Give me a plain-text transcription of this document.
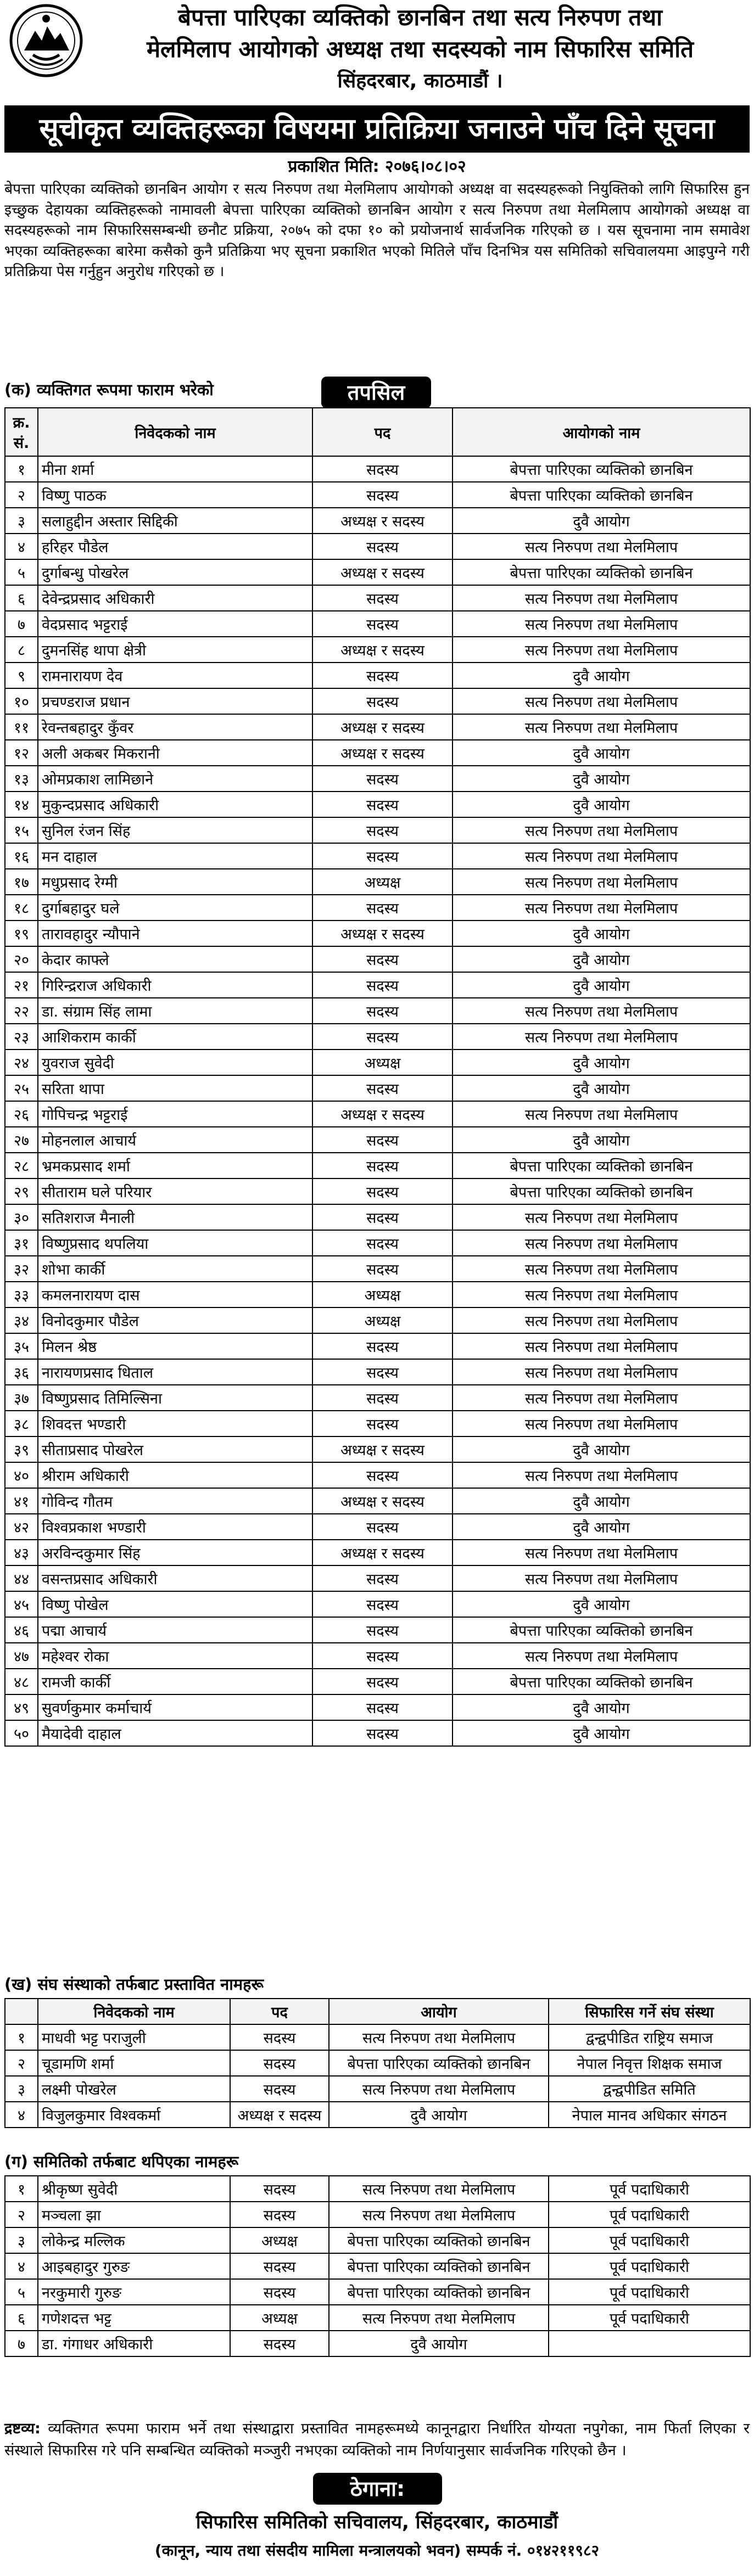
बेपत्ता पारिएका व्यक्तिको छानबिन तथा सत्य निरुपण तथा
मेलमिलाप आयोगको अध्यक्ष तथा सदस्यको नाम सिफारिस समिति
सिंहदरबार, काठमाडौं ।
सूचीकृत व्यक्तिहरूका विषयमा प्रतिक्रिया जनाउने पाँच दिने सूचना
प्रकाशित मिति: २०७६।०८।०२
बेपत्ता पारिएका व्यक्तिको छानबिन आयोग र सत्य निरुपण तथा मेलमिलाप आयोगको अध्यक्ष वा सदस्यहरूको नियुक्तिको लागि सिफारिस हुन इच्छुक देहायका व्यक्तिहरूको नामावली बेपत्ता पारिएका व्यक्तिको छानबिन आयोग र सत्य निरुपण तथा मेलमिलाप आयोगको अध्यक्ष वा सदस्यहरूको नाम सिफारिससम्बन्धी छनौट प्रक्रिया, २०७५ को दफा १० को प्रयोजनार्थ सार्वजनिक गरिएको छ । यस सूचनामा नाम समावेश भएका व्यक्तिहरूका बारेमा कसैको कुनै प्रतिक्रिया भए सूचना प्रकाशित भएको मितिले पाँच दिनभित्र यस समितिको सचिवालयमा आइपुग्ने गरी प्रतिक्रिया पेस गर्नुहुन अनुरोध गरिएको छ ।
(क) व्यक्तिगत रूपमा फाराम भरेको	तपसिल
क्र. सं.	निवेदकको नाम	पद	आयोगको नाम
१	मीना शर्मा	सदस्य	बेपत्ता पारिएका व्यक्तिको छानबिन
२	विष्णु पाठक	सदस्य	बेपत्ता पारिएका व्यक्तिको छानबिन
३	सलाहुद्दीन अस्तार सिद्दिकी	अध्यक्ष र सदस्य	दुवै आयोग
४	हरिहर पौडेल	सदस्य	सत्य निरुपण तथा मेलमिलाप
५	दुर्गाबन्धु पोखरेल	अध्यक्ष र सदस्य	बेपत्ता पारिएका व्यक्तिको छानबिन
६	देवेन्द्रप्रसाद अधिकारी	सदस्य	सत्य निरुपण तथा मेलमिलाप
७	वेदप्रसाद भट्टराई	सदस्य	सत्य निरुपण तथा मेलमिलाप
८	दुमनसिंह थापा क्षेत्री	अध्यक्ष र सदस्य	सत्य निरुपण तथा मेलमिलाप
९	रामनारायण देव	सदस्य	दुवै आयोग
१०	प्रचण्डराज प्रधान	सदस्य	सत्य निरुपण तथा मेलमिलाप
११	रेवन्तबहादुर कुँवर	अध्यक्ष र सदस्य	सत्य निरुपण तथा मेलमिलाप
१२	अली अकबर मिकरानी	अध्यक्ष र सदस्य	दुवै आयोग
१३	ओमप्रकाश लामिछाने	सदस्य	दुवै आयोग
१४	मुकुन्दप्रसाद अधिकारी	सदस्य	दुवै आयोग
१५	सुनिल रंजन सिंह	सदस्य	सत्य निरुपण तथा मेलमिलाप
१६	मन दाहाल	सदस्य	सत्य निरुपण तथा मेलमिलाप
१७	मधुप्रसाद रेग्मी	अध्यक्ष	सत्य निरुपण तथा मेलमिलाप
१८	दुर्गाबहादुर घले	सदस्य	सत्य निरुपण तथा मेलमिलाप
१९	तारावहादुर न्यौपाने	अध्यक्ष र सदस्य	दुवै आयोग
२०	केदार काफ्ले	सदस्य	दुवै आयोग
२१	गिरिन्द्रराज अधिकारी	सदस्य	दुवै आयोग
२२	डा. संग्राम सिंह लामा	सदस्य	सत्य निरुपण तथा मेलमिलाप
२३	आशिकराम कार्की	सदस्य	सत्य निरुपण तथा मेलमिलाप
२४	युवराज सुवेदी	अध्यक्ष	दुवै आयोग
२५	सरिता थापा	सदस्य	दुवै आयोग
२६	गोपिचन्द्र भट्टराई	अध्यक्ष र सदस्य	सत्य निरुपण तथा मेलमिलाप
२७	मोहनलाल आचार्य	सदस्य	दुवै आयोग
२८	भ्रमकप्रसाद शर्मा	सदस्य	बेपत्ता पारिएका व्यक्तिको छानबिन
२९	सीताराम घले परियार	सदस्य	बेपत्ता पारिएका व्यक्तिको छानबिन
३०	सतिशराज मैनाली	सदस्य	सत्य निरुपण तथा मेलमिलाप
३१	विष्णुप्रसाद थपलिया	सदस्य	सत्य निरुपण तथा मेलमिलाप
३२	शोभा कार्की	सदस्य	सत्य निरुपण तथा मेलमिलाप
३३	कमलनारायण दास	अध्यक्ष	सत्य निरुपण तथा मेलमिलाप
३४	विनोदकुमार पौडेल	अध्यक्ष	सत्य निरुपण तथा मेलमिलाप
३५	मिलन श्रेष्ठ	सदस्य	सत्य निरुपण तथा मेलमिलाप
३६	नारायणप्रसाद धिताल	सदस्य	सत्य निरुपण तथा मेलमिलाप
३७	विष्णुप्रसाद तिमिल्सिना	सदस्य	सत्य निरुपण तथा मेलमिलाप
३८	शिवदत्त भण्डारी	सदस्य	सत्य निरुपण तथा मेलमिलाप
३९	सीताप्रसाद पोखरेल	अध्यक्ष र सदस्य	दुवै आयोग
४०	श्रीराम अधिकारी	सदस्य	सत्य निरुपण तथा मेलमिलाप
४१	गोविन्द गौतम	अध्यक्ष र सदस्य	दुवै आयोग
४२	विश्वप्रकाश भण्डारी	सदस्य	दुवै आयोग
४३	अरविन्दकुमार सिंह	अध्यक्ष र सदस्य	सत्य निरुपण तथा मेलमिलाप
४४	वसन्तप्रसाद अधिकारी	सदस्य	सत्य निरुपण तथा मेलमिलाप
४५	विष्णु पोखेल	सदस्य	दुवै आयोग
४६	पद्मा आचार्य	सदस्य	बेपत्ता पारिएका व्यक्तिको छानबिन
४७	महेश्वर रोका	सदस्य	सत्य निरुपण तथा मेलमिलाप
४८	रामजी कार्की	सदस्य	बेपत्ता पारिएका व्यक्तिको छानबिन
४९	सुवर्णकुमार कर्माचार्य	सदस्य	दुवै आयोग
५०	मैयादेवी दाहाल	सदस्य	दुवै आयोग
(ख) संघ संस्थाको तर्फबाट प्रस्तावित नामहरू
	निवेदकको नाम	पद	आयोग	सिफारिस गर्ने संघ संस्था
१	माधवी भट्ट पराजुली	सदस्य	सत्य निरुपण तथा मेलमिलाप	द्वन्द्वपीडित राष्ट्रिय समाज
२	चूडामणि शर्मा	सदस्य	बेपत्ता पारिएका व्यक्तिको छानबिन	नेपाल निवृत्त शिक्षक समाज
३	लक्ष्मी पोखरेल	सदस्य	सत्य निरुपण तथा मेलमिलाप	द्वन्द्वपीडित समिति
४	विजुलकुमार विश्वकर्मा	अध्यक्ष र सदस्य	दुवै आयोग	नेपाल मानव अधिकार संगठन
(ग) समितिको तर्फबाट थपिएका नामहरू
१	श्रीकृष्ण सुवेदी	सदस्य	सत्य निरुपण तथा मेलमिलाप	पूर्व पदाधिकारी
२	मञ्चला झा	सदस्य	सत्य निरुपण तथा मेलमिलाप	पूर्व पदाधिकारी
३	लोकेन्द्र मल्लिक	अध्यक्ष	बेपत्ता पारिएका व्यक्तिको छानबिन	पूर्व पदाधिकारी
४	आइबहादुर गुरुङ	सदस्य	बेपत्ता पारिएका व्यक्तिको छानबिन	पूर्व पदाधिकारी
५	नरकुमारी गुरुङ	सदस्य	बेपत्ता पारिएका व्यक्तिको छानबिन	पूर्व पदाधिकारी
६	गणेशदत्त भट्ट	अध्यक्ष	सत्य निरुपण तथा मेलमिलाप	पूर्व पदाधिकारी
७	डा. गंगाधर अधिकारी	सदस्य	दुवै आयोग	
द्रष्टव्य: व्यक्तिगत रूपमा फाराम भर्ने तथा संस्थाद्वारा प्रस्तावित नामहरूमध्ये कानूनद्वारा निर्धारित योग्यता नपुगेका, नाम फिर्ता लिएका र संस्थाले सिफारिस गरे पनि सम्बन्धित व्यक्तिको मञ्जुरी नभएका व्यक्तिको नाम निर्णयानुसार सार्वजनिक गरिएको छैन ।
ठेगाना:
सिफारिस समितिको सचिवालय, सिंहदरबार, काठमाडौं
(कानून, न्याय तथा संसदीय मामिला मन्त्रालयको भवन) सम्पर्क नं. ०१४२११९८२
